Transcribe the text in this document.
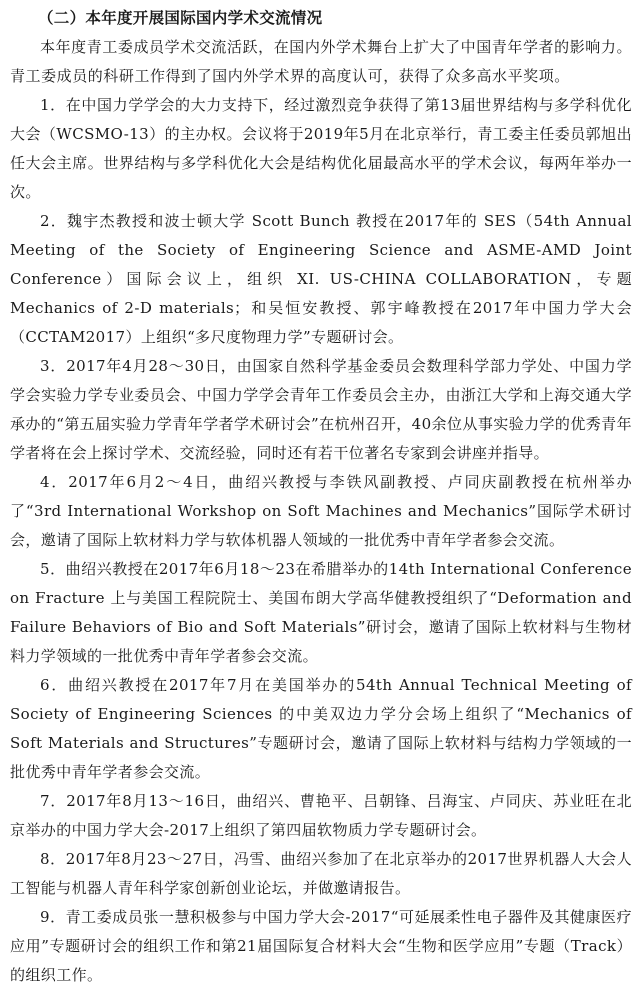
（二）本年度开展国际国内学术交流情况

本年度青工委成员学术交流活跃，在国内外学术舞台上扩大了中国青年学者的影响力。青工委成员的科研工作得到了国内外学术界的高度认可，获得了众多高水平奖项。

1．在中国力学学会的大力支持下，经过激烈竞争获得了第13届世界结构与多学科优化大会（WCSMO-13）的主办权。会议将于2019年5月在北京举行，青工委主任委员郭旭出任大会主席。世界结构与多学科优化大会是结构优化届最高水平的学术会议，每两年举办一次。

2．魏宇杰教授和波士顿大学 Scott Bunch 教授在2017年的 SES（54th Annual Meeting of the Society of Engineering Science and ASME-AMD Joint Conference）国际会议上，组织 XI. US-CHINA COLLABORATION，专题 Mechanics of 2-D materials；和吴恒安教授、郭宇峰教授在2017年中国力学大会（CCTAM2017）上组织“多尺度物理力学”专题研讨会。

3．2017年4月28～30日，由国家自然科学基金委员会数理科学部力学处、中国力学学会实验力学专业委员会、中国力学学会青年工作委员会主办，由浙江大学和上海交通大学承办的“第五届实验力学青年学者学术研讨会”在杭州召开，40余位从事实验力学的优秀青年学者将在会上探讨学术、交流经验，同时还有若干位著名专家到会讲座并指导。

4．2017年6月2～4日，曲绍兴教授与李铁风副教授、卢同庆副教授在杭州举办了“3rd International Workshop on Soft Machines and Mechanics”国际学术研讨会，邀请了国际上软材料力学与软体机器人领域的一批优秀中青年学者参会交流。

5．曲绍兴教授在2017年6月18～23在希腊举办的14th International Conference on Fracture 上与美国工程院院士、美国布朗大学高华健教授组织了“Deformation and Failure Behaviors of Bio and Soft Materials”研讨会，邀请了国际上软材料与生物材料力学领域的一批优秀中青年学者参会交流。

6．曲绍兴教授在2017年7月在美国举办的54th Annual Technical Meeting of Society of Engineering Sciences 的中美双边力学分会场上组织了“Mechanics of Soft Materials and Structures”专题研讨会，邀请了国际上软材料与结构力学领域的一批优秀中青年学者参会交流。

7．2017年8月13～16日，曲绍兴、曹艳平、吕朝锋、吕海宝、卢同庆、苏业旺在北京举办的中国力学大会-2017上组织了第四届软物质力学专题研讨会。

8．2017年8月23～27日，冯雪、曲绍兴参加了在北京举办的2017世界机器人大会人工智能与机器人青年科学家创新创业论坛，并做邀请报告。

9．青工委成员张一慧积极参与中国力学大会-2017“可延展柔性电子器件及其健康医疗应用”专题研讨会的组织工作和第21届国际复合材料大会“生物和医学应用”专题（Track）的组织工作。
